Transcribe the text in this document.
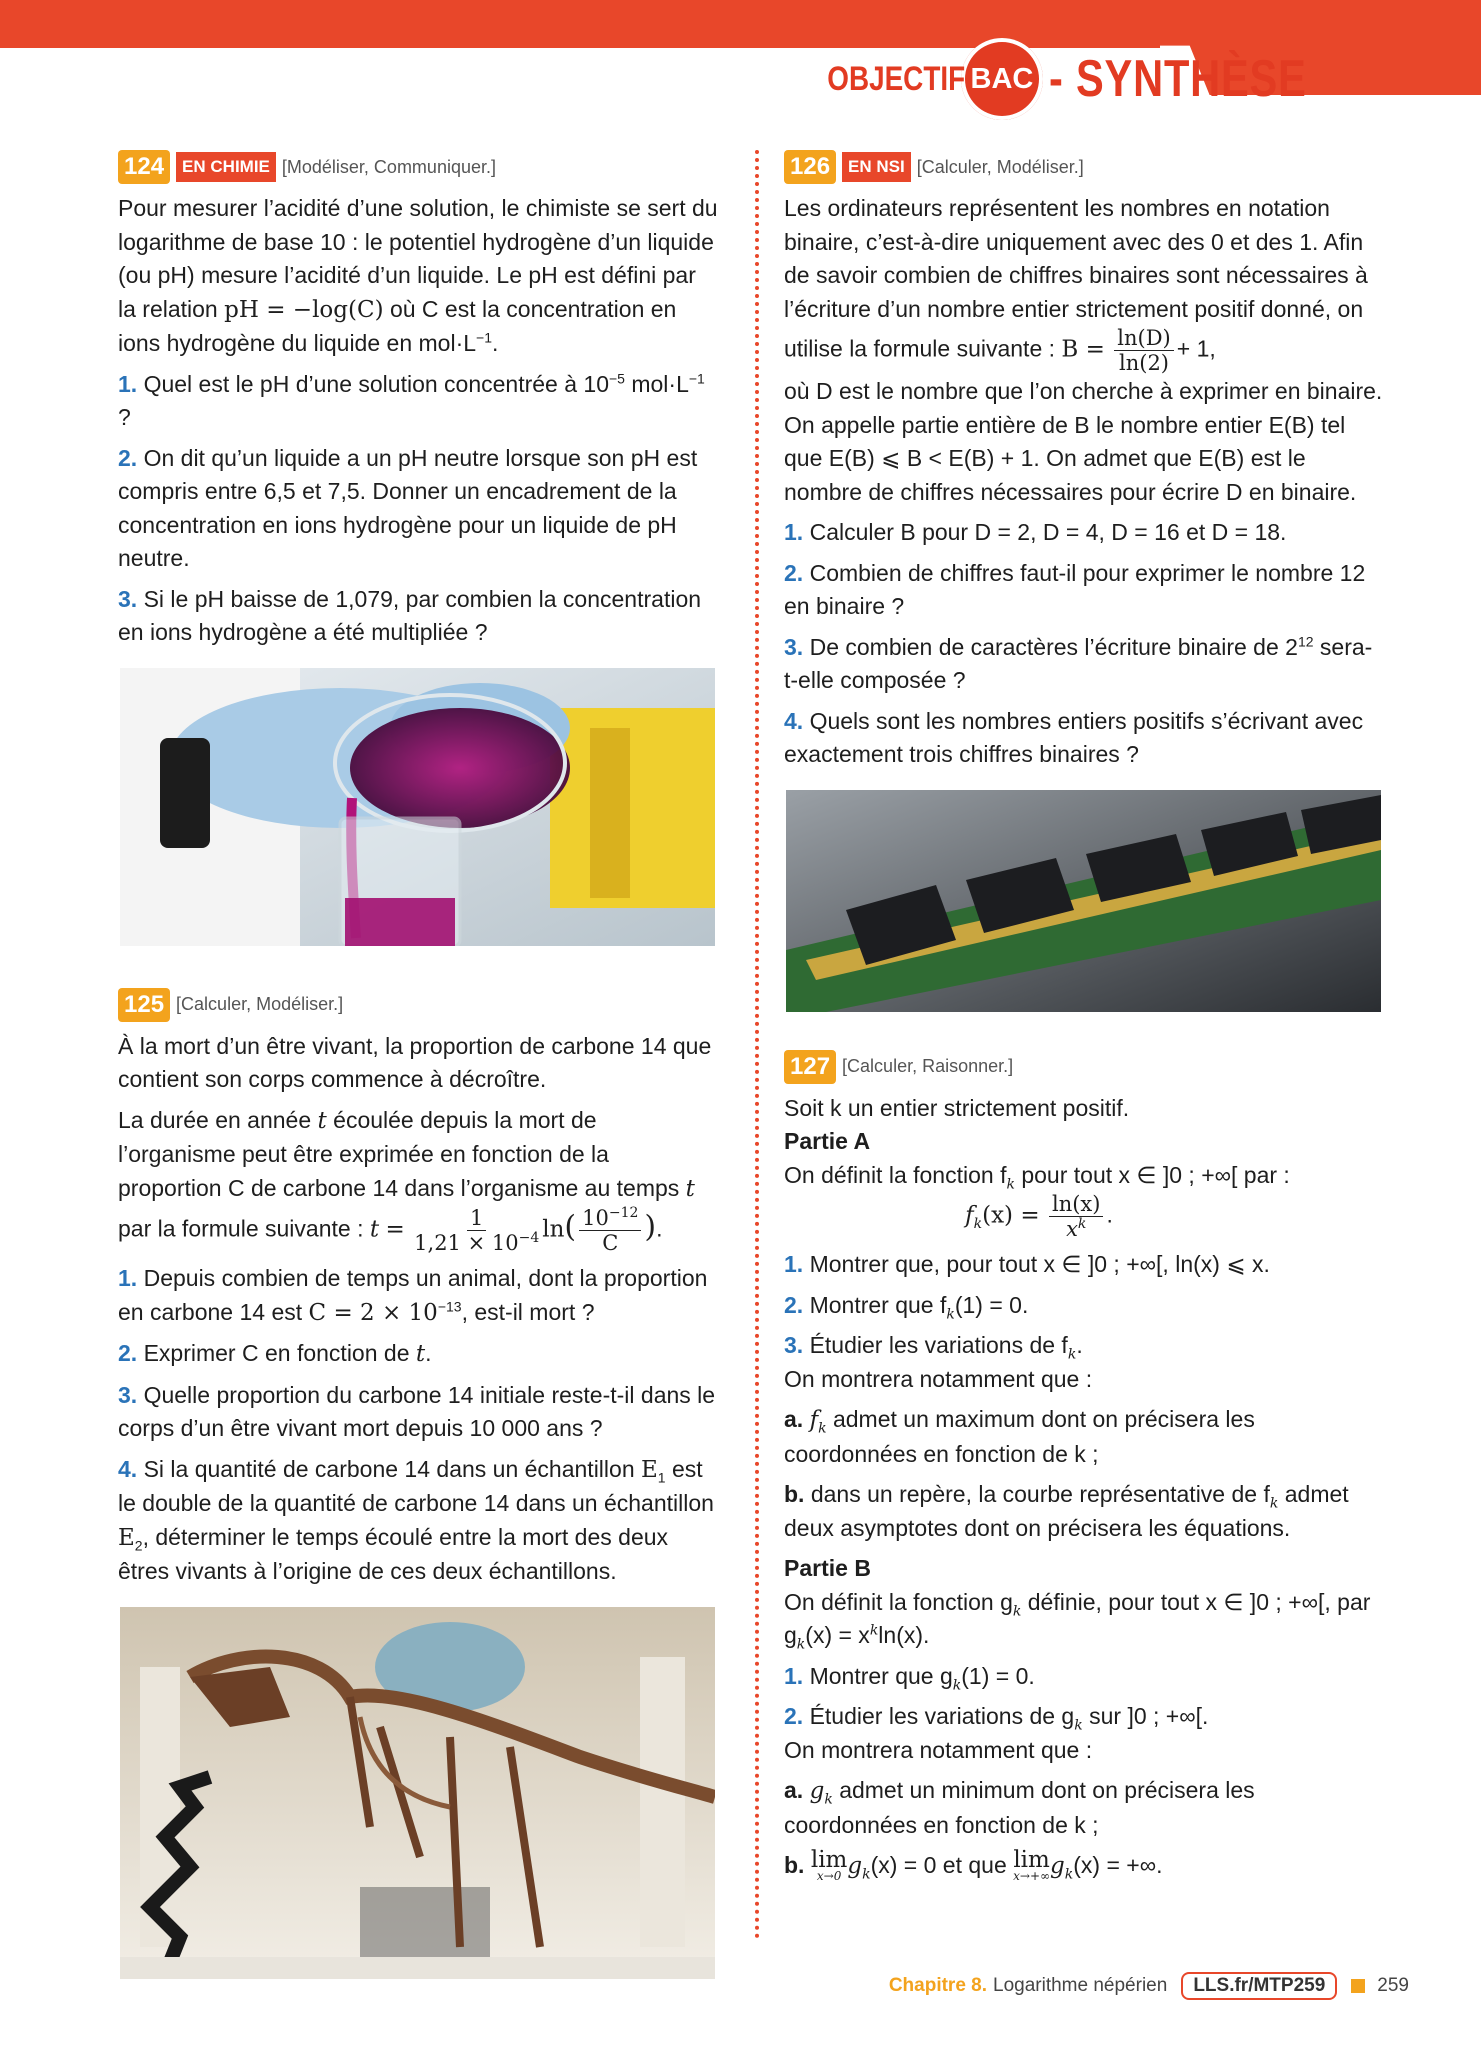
OBJECTIF BAC - SYNTHÈSE
124	EN CHIMIE [Modéliser, Communiquer.]

Pour mesurer l’acidité d’une solution, le chimiste se sert du logarithme de base 10 : le potentiel hydrogène d’un liquide (ou pH) mesure l’acidité d’un liquide. Le pH est défini par la relation pH = −log(C) où C est la concentration en ions hydrogène du liquide en $mol\cdot L^{-1}$.

1. Quel est le pH d’une solution concentrée à $10^{-5}$ $mol\cdot L^{-1}$ ?

2. On dit qu’un liquide a un pH neutre lorsque son pH est compris entre 6,5 et 7,5. Donner un encadrement de la concentration en ions hydrogène pour un liquide de pH neutre.

3. Si le pH baisse de 1,079, par combien la concentration en ions hydrogène a été multipliée ?

125 [Calculer, Modéliser.]

À la mort d’un être vivant, la proportion de carbone 14 que contient son corps commence à décroître.

La durée en année t écoulée depuis la mort de l’organisme peut être exprimée en fonction de la proportion C de carbone 14 dans l’organisme au temps t par la formule suivante : $t = \frac{1}{1,21 \times 10^{-4}} \ln( \frac{10^{-12}}{C}$ ).

1. Depuis combien de temps un animal, dont la proportion en carbone 14 est $C = 2 \times 10^{-13}$, est-il mort ?

2. Exprimer C en fonction de t.

3. Quelle proportion du carbone 14 initiale reste-t-il dans le corps d’un être vivant mort depuis 10 000 ans ?

4. Si la quantité de carbone 14 dans un échantillon $E_1$ est le double de la quantité de carbone 14 dans un échantillon $E_2$, déterminer le temps écoulé entre la mort des deux êtres vivants à l’origine de ces deux échantillons.

126	EN NSI [Calculer, Modéliser.]

Les ordinateurs représentent les nombres en notation binaire, c’est-à-dire uniquement avec des 0 et des 1. Afin de savoir combien de chiffres binaires sont nécessaires à l’écriture d’un nombre entier strictement positif donné, on utilise la formule suivante : $B = \frac{\ln(D)}{\ln(2)} + 1$,

où D est le nombre que l’on cherche à exprimer en binaire. On appelle partie entière de B le nombre entier E(B) tel que E(B) ⩽ B < E(B) + 1. On admet que E(B) est le nombre de chiffres nécessaires pour écrire D en binaire.

1. Calculer B pour D = 2, D = 4, D = 16 et D = 18.

2. Combien de chiffres faut-il pour exprimer le nombre 12 en binaire ?

3. De combien de caractères l’écriture binaire de $2^{12}$ sera-t-elle composée ?

4. Quels sont les nombres entiers positifs s’écrivant avec exactement trois chiffres binaires ?

127 [Calculer, Raisonner.]

Soit k un entier strictement positif.

Partie A

On définit la fonction $f_k$ pour tout x ∈ ]0 ; +∞[ par :

$f_k(x) = \frac{\ln(x)}{x^k}$ .

1. Montrer que, pour tout x ∈ ]0 ; +∞[, ln(x) ⩽ x.

2. Montrer que $f_k(1) = 0$.

3. Étudier les variations de $f_k$.
On montrera notamment que :

a. $f_k$ admet un maximum dont on précisera les coordonnées en fonction de k ;

b. dans un repère, la courbe représentative de $f_k$ admet deux asymptotes dont on précisera les équations.

Partie B

On définit la fonction $g_k$ définie, pour tout x ∈ ]0 ; +∞[, par $g_k(x) = x^k\ln(x)$.

1. Montrer que $g_k(1) = 0$.

2. Étudier les variations de $g_k$ sur ]0 ; +∞[.
On montrera notamment que :

a. $g_k$ admet un minimum dont on précisera les coordonnées en fonction de k ;

b. lim
x→0 $g_k(x) = 0$ et que lim
x→+∞ $g_k(x)$ = +∞.

Chapitre 8. Logarithme népérien	LLS.fr/MTP259	259
